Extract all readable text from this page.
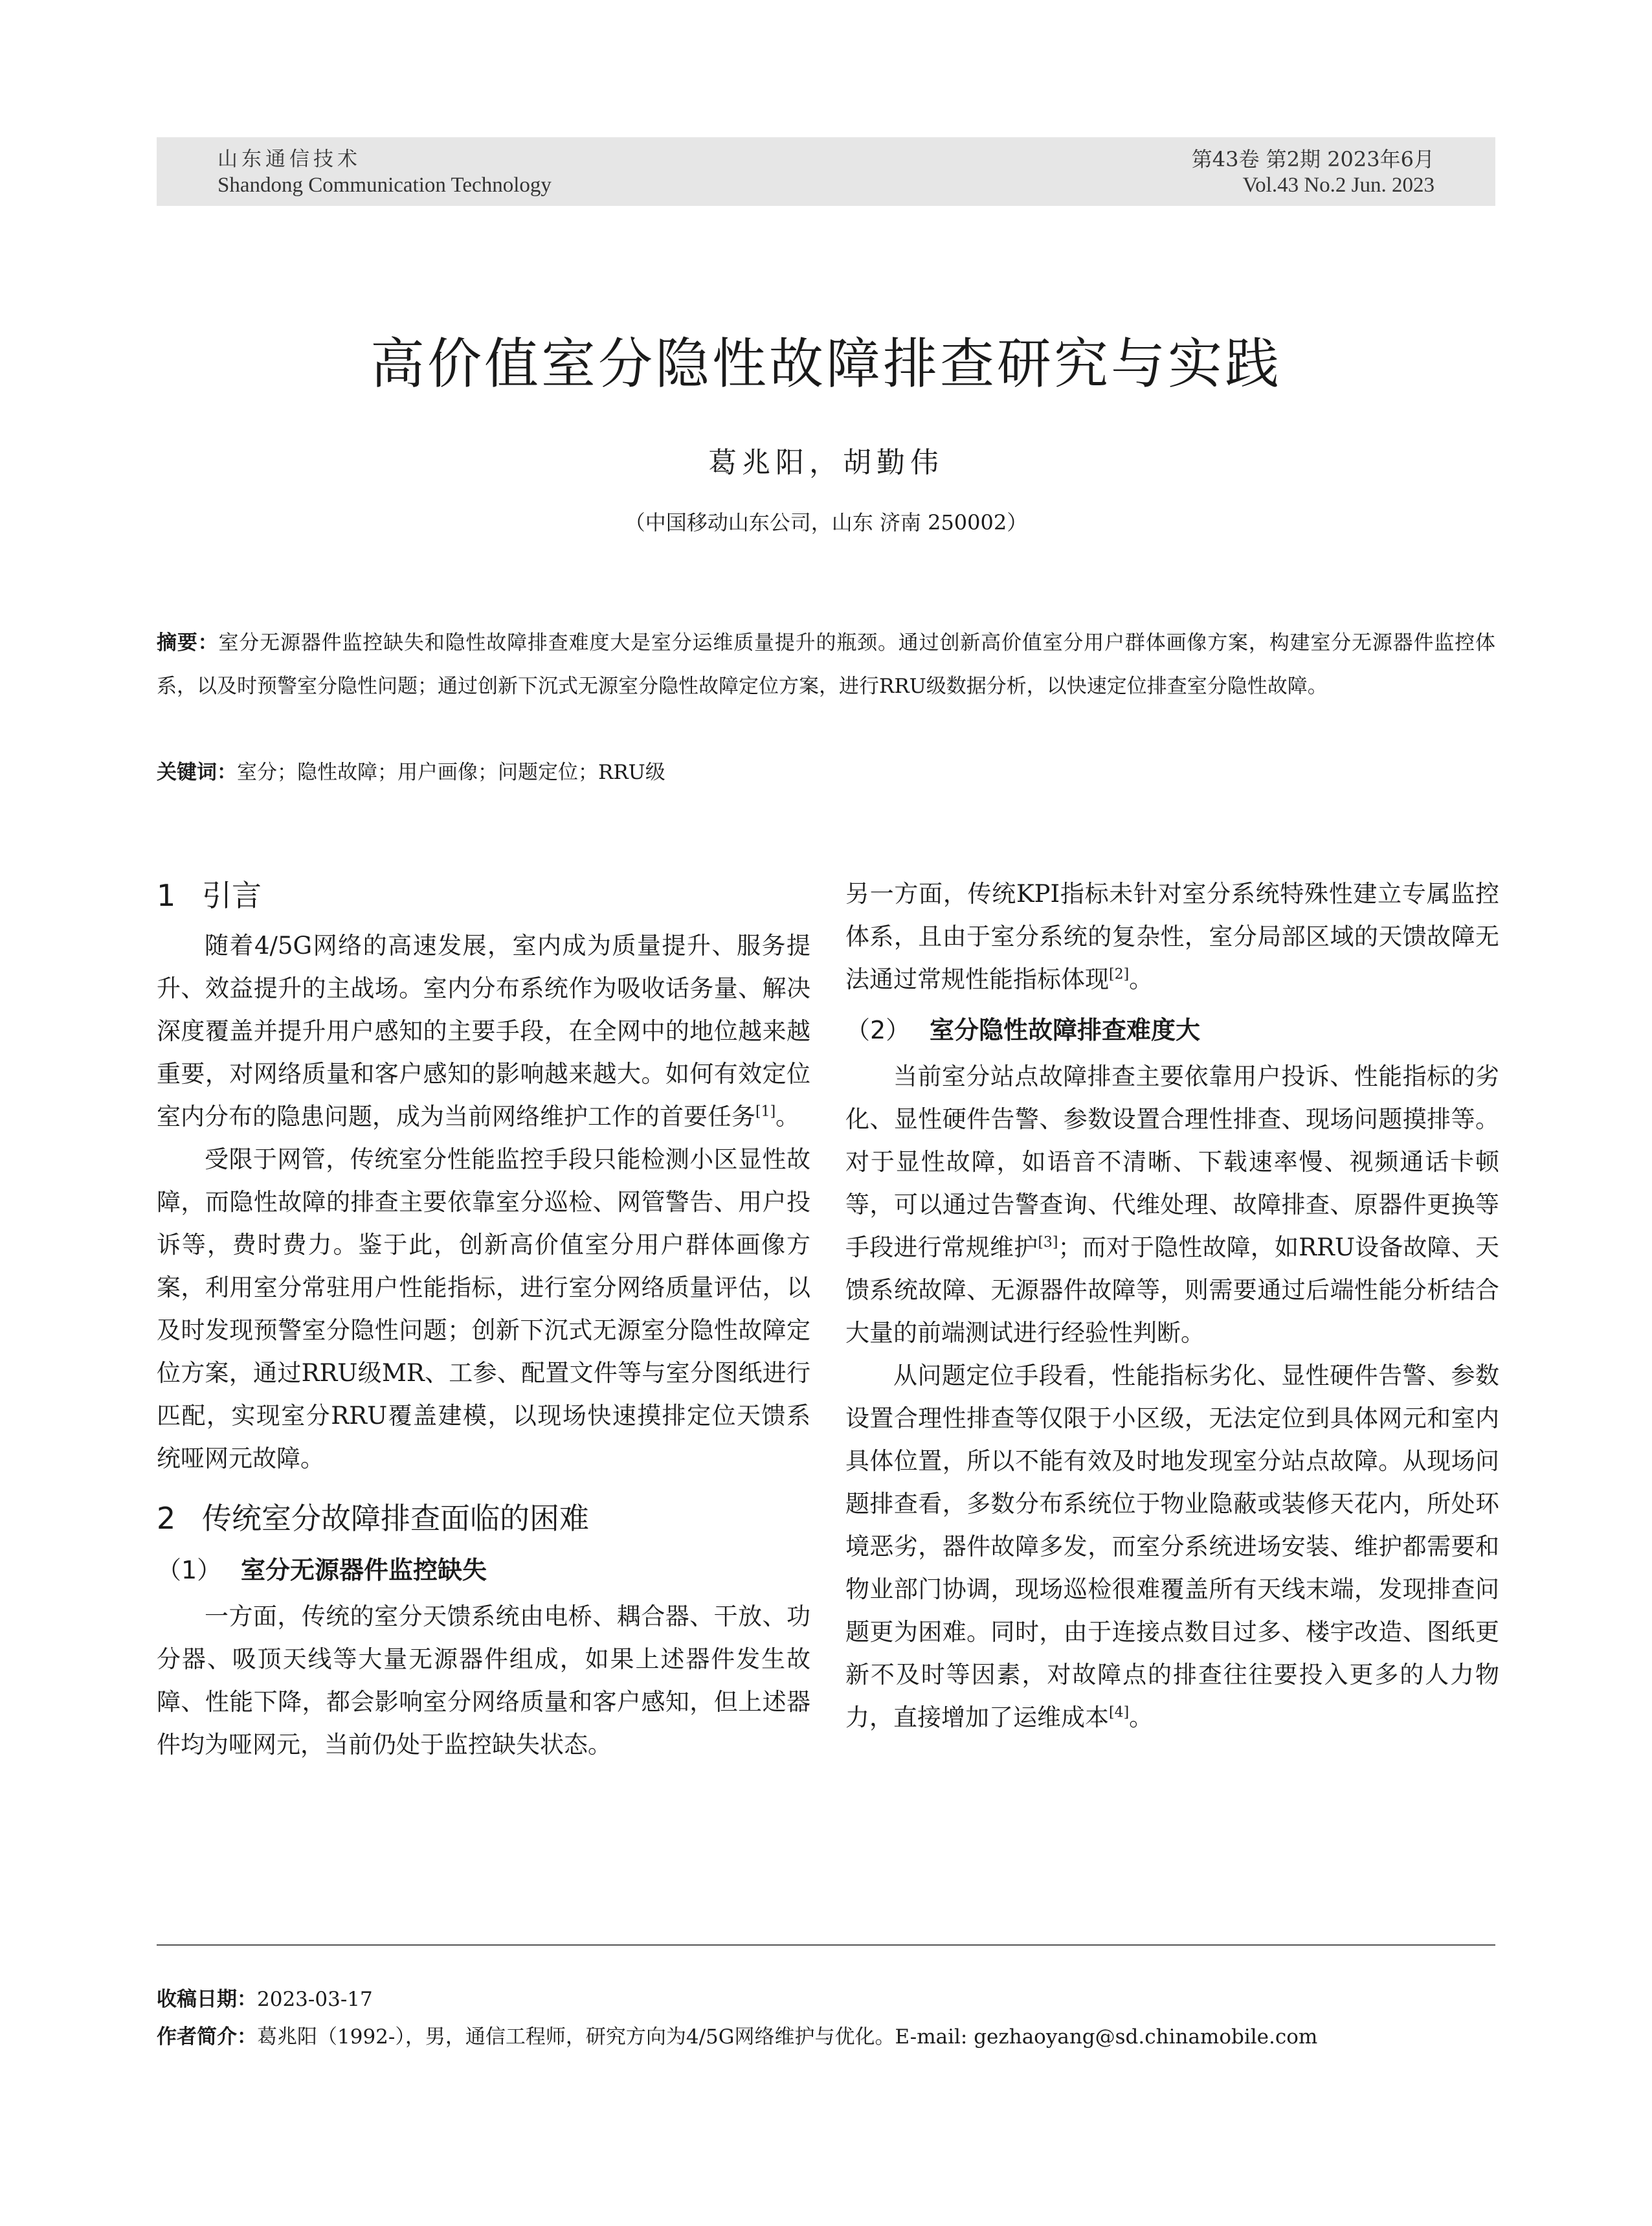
山东通信技术
Shandong Communication Technology
第43卷 第2期 2023年6月
Vol.43 No.2 Jun. 2023
高价值室分隐性故障排查研究与实践
葛兆阳，胡勤伟
（中国移动山东公司，山东 济南 250002）
摘要：室分无源器件监控缺失和隐性故障排查难度大是室分运维质量提升的瓶颈。通过创新高价值室分用户群体画像方案，构建室分无源器件监控体系，以及时预警室分隐性问题；通过创新下沉式无源室分隐性故障定位方案，进行RRU级数据分析，以快速定位排查室分隐性故障。
关键词：室分；隐性故障；用户画像；问题定位；RRU级
1 引言

随着4/5G网络的高速发展，室内成为质量提升、服务提升、效益提升的主战场。室内分布系统作为吸收话务量、解决深度覆盖并提升用户感知的主要手段，在全网中的地位越来越重要，对网络质量和客户感知的影响越来越大。如何有效定位室内分布的隐患问题，成为当前网络维护工作的首要任务[1]。

受限于网管，传统室分性能监控手段只能检测小区显性故障，而隐性故障的排查主要依靠室分巡检、网管警告、用户投诉等，费时费力。鉴于此，创新高价值室分用户群体画像方案，利用室分常驻用户性能指标，进行室分网络质量评估，以及时发现预警室分隐性问题；创新下沉式无源室分隐性故障定位方案，通过RRU级MR、工参、配置文件等与室分图纸进行匹配，实现室分RRU覆盖建模，以现场快速摸排定位天馈系统哑网元故障。

2 传统室分故障排查面临的困难
（1） 室分无源器件监控缺失

一方面，传统的室分天馈系统由电桥、耦合器、干放、功分器、吸顶天线等大量无源器件组成，如果上述器件发生故障、性能下降，都会影响室分网络质量和客户感知，但上述器件均为哑网元，当前仍处于监控缺失状态。

另一方面，传统KPI指标未针对室分系统特殊性建立专属监控体系，且由于室分系统的复杂性，室分局部区域的天馈故障无法通过常规性能指标体现[2]。

（2） 室分隐性故障排查难度大

当前室分站点故障排查主要依靠用户投诉、性能指标的劣化、显性硬件告警、参数设置合理性排查、现场问题摸排等。对于显性故障，如语音不清晰、下载速率慢、视频通话卡顿等，可以通过告警查询、代维处理、故障排查、原器件更换等手段进行常规维护[3]；而对于隐性故障，如RRU设备故障、天馈系统故障、无源器件故障等，则需要通过后端性能分析结合大量的前端测试进行经验性判断。

从问题定位手段看，性能指标劣化、显性硬件告警、参数设置合理性排查等仅限于小区级，无法定位到具体网元和室内具体位置，所以不能有效及时地发现室分站点故障。从现场问题排查看，多数分布系统位于物业隐蔽或装修天花内，所处环境恶劣，器件故障多发，而室分系统进场安装、维护都需要和物业部门协调，现场巡检很难覆盖所有天线末端，发现排查问题更为困难。同时，由于连接点数目过多、楼宇改造、图纸更新不及时等因素，对故障点的排查往往要投入更多的人力物力，直接增加了运维成本[4]。

收稿日期：2023-03-17
作者简介：葛兆阳（1992-），男，通信工程师，研究方向为4/5G网络维护与优化。E-mail: gezhaoyang@sd.chinamobile.com
